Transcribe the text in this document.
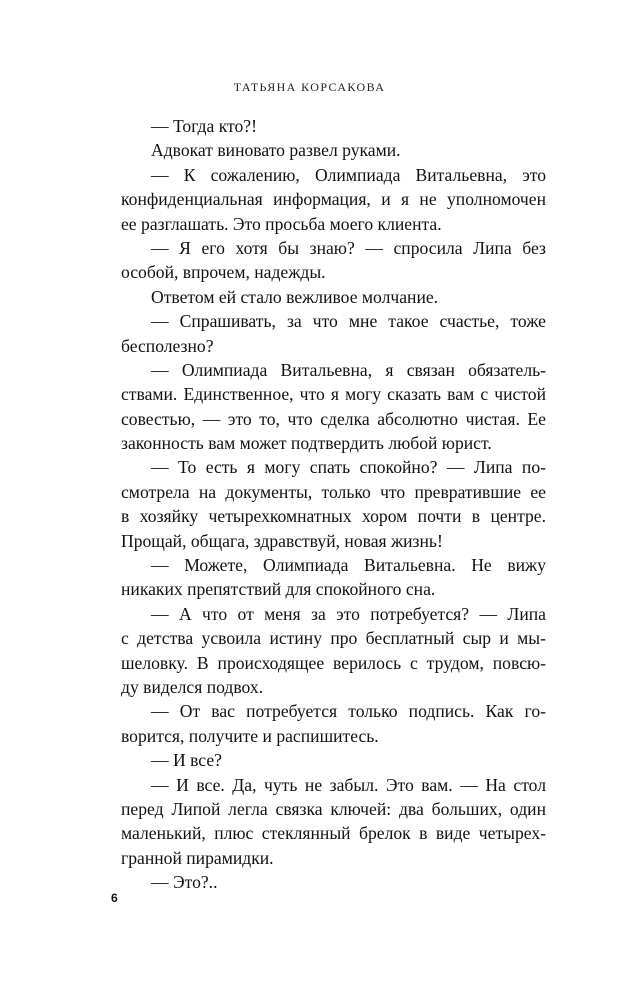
ТАТЬЯНА КОРСАКОВА
— Тогда кто?!
Адвокат виновато развел руками.
— К сожалению, Олимпиада Витальевна, это
конфиденциальная информация, и я не уполномочен
ее разглашать. Это просьба моего клиента.
— Я его хотя бы знаю? — спросила Липа без
особой, впрочем, надежды.
Ответом ей стало вежливое молчание.
— Спрашивать, за что мне такое счастье, тоже
бесполезно?
— Олимпиада Витальевна, я связан обязатель-
ствами. Единственное, что я могу сказать вам с чистой
совестью, — это то, что сделка абсолютно чистая. Ее
законность вам может подтвердить любой юрист.
— То есть я могу спать спокойно? — Липа по-
смотрела на документы, только что превратившие ее
в хозяйку четырехкомнатных хором почти в центре.
Прощай, общага, здравствуй, новая жизнь!
— Можете, Олимпиада Витальевна. Не вижу
никаких препятствий для спокойного сна.
— А что от меня за это потребуется? — Липа
с детства усвоила истину про бесплатный сыр и мы-
шеловку. В происходящее верилось с трудом, повсю-
ду виделся подвох.
— От вас потребуется только подпись. Как го-
ворится, получите и распишитесь.
— И все?
— И все. Да, чуть не забыл. Это вам. — На стол
перед Липой легла связка ключей: два больших, один
маленький, плюс стеклянный брелок в виде четырех-
гранной пирамидки.
— Это?..
6
